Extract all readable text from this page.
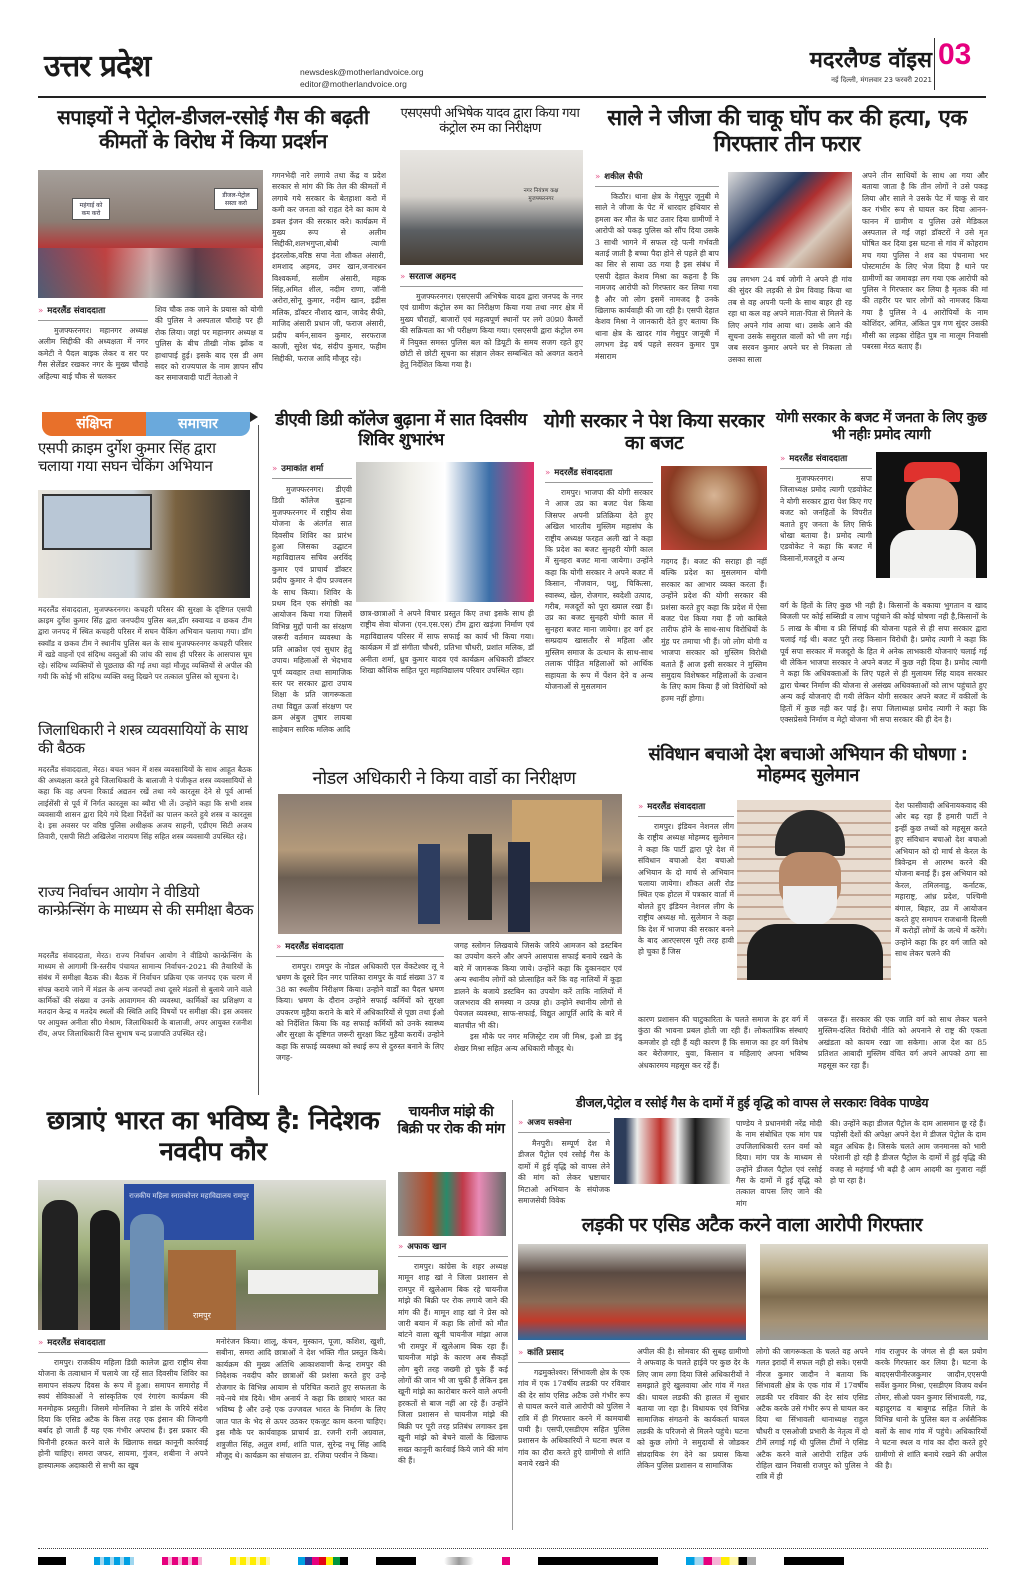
उत्तर प्रदेश	newsdesk@motherlandvoice.org
editor@motherlandvoice.org
मदरलैण्ड वॉइस 03
नई दिल्ली, मंगलवार 23 फरवरी 2021
सपाइयों ने पेट्रोल-डीजल-रसोई गैस की बढ़ती कीमतों के विरोध में किया प्रदर्शन
महंगाई को कम करो
डीजल-पेट्रोल सस्ता करो
» मदरलैंड संवाददाता
मुजफ्फरनगर। महानगर अध्यक्ष अलीम सिद्दीकी की अध्यक्षता में नगर कमेटी ने पैदल बाइक लेकर व सर पर गैस सेलेंडर रखकर नगर के मुख्य चौराहे अहिल्या बाई चौक से चलकर
शिव चौक तक जाने के प्रयास को योगी की पुलिस ने अस्पताल चौराहे पर ही रोक लिया। जहां पर महानगर अध्यक्ष व पुलिस के बीच तीखी नोक झोंक व हाथापाई हुई। इसके बाद एस डी अम सदर को राज्यपाल के नाम ज्ञापन सौंप कर समाजवादी पार्टी नेताओ ने
गगनभेदी नारे लगाये तथा केंद्र व प्रदेश सरकार से मांग की कि तेल की कीमतों में लगाये गये सरकार के बेतहाशा करो में कमी कर जनता को राहत देने का काम ये डबल इंजन की सरकार करे। कार्यक्रम में मुख्य रूप से अलीम सिद्दीकी,शलभगुप्ता,बोबी त्यागी इंदरलोक,वरिष्ठ सपा नेता शौकत अंसारी, शमशाद अहमद, उमर खान,जनारधन विश्वकर्मा, सलीम अंसारी, महक सिंह,अमित शील, नदीम राणा, जॉनी अरोरा,सोनू कुमार, नदीम खान, इद्रीस मलिक, डॉक्टर नौशाद खान, जावेद सैफी, माजिद अंसारी प्रधान जी, फराज अंसारी, प्रदीप बर्मन,सावन कुमार, सरफराज काजी, सुरेश चंद, संदीप कुमार, फहीम सिद्दीकी, फराज आदि मौजूद रहे।
एसएसपी अभिषेक यादव द्वारा किया गया कंट्रोल रुम का निरीक्षण
नगर नियंत्रण कक्ष मुजफ्फरनगर
» सरताज अहमद
मुजफ्फरनगर। एसएसपी अभिषेक यादव द्वारा जनपद के नगर एवं ग्रामीण कंट्रोल रुम का निरीक्षण किया गया तथा नगर क्षेत्र में मुख्य चौराहों, बाजारों एवं महत्वपूर्ण स्थानों पर लगे उ0प्र0 कैमरों की सक्रियता का भी परीक्षण किया गया। एसएसपी द्वारा कंट्रोल रुम में नियुक्त समस्त पुलिस बल को डियूटी के समय सजग रहते हुए छोटी से छोटी सूचना का संज्ञान लेकर सम्बन्धित को अवगत कराने हेतु निर्देशित किया गया है।
साले ने जीजा की चाकू घोंप कर की हत्या, एक गिरफ्तार तीन फरार
» शकील सैफी
किठौर। थाना क्षेत्र के गेसुपुर जूनुबी मे साले ने जीजा के पेट में धारदार हथियार से हमला कर मौत के घाट उतार दिया ग्रामीणों ने आरोपी को पकड़ पुलिस को सौंप दिया उसके 3 साथी भागने में सफल रहे पत्नी गर्भवती बताई जाती है बच्चा पैदा होने से पहले ही बाप का सिर से साया उठ गया है इस संबंध में एसपी देहात केशव मिश्रा का कहना है कि नामजद आरोपी को गिरफ्तार कर लिया गया है और जो लोग इसमें नामजद है उनके खिलाफ कार्यवाही की जा रही है। एसपी देहात केशव मिश्रा ने जानकारी देते हुए बताया कि थाना क्षेत्र के खादर गांव गेसुपुर जानूबी में लगभग डेढ़ वर्ष पहले सरवन कुमार पुत्र मंसाराम
उम्र लगभग 24 वर्ष जोगी ने अपने ही गांव की सुंदर की लड़की से प्रेम विवाह किया था तब से वह अपनी पत्नी के साथ बाहर ही रह रहा था कल वह अपने माता-पिता से मिलने के लिए अपने गांव आया था। उसके आने की सूचना उसके ससुराल वालों को भी लग गई। जब सरवन कुमार अपने घर से निकला तो उसका साला
अपने तीन साथियों के साथ आ गया और बताया जाता है कि तीन लोगों ने उसे पकड़ लिया और साले ने उसके पेट में चाकू से वार कर गंभीर रूप से घायल कर दिया आनन-फानन में ग्रामीण व पुलिस उसे मेडिकल अस्पताल ले गई जहां डॉक्टरों ने उसे मृत घोषित कर दिया इस घटना से गांव में कोहराम मच गया पुलिस ने शव का पंचनामा भर पोस्टमार्टम के लिए भेज दिया है थाने पर ग्रामीणों का जमावड़ा लग गया एक आरोपी को पुलिस ने गिरफ्तार कर लिया है मृतक की मां की तहरीर पर चार लोगों को नामजद किया गया है पुलिस ने 4 आरोपियों के नाम कोशिंदर, अमित, अंकित पुत्र गण सुंदर उसकी मौसी का लड़का रोहित पुत्र ना मालूम निवासी पबरसा मेरठ बताए हैं।
संक्षिप्त	समाचार
एसपी क्राइम दुर्गेश कुमार सिंह द्वारा चलाया गया सघन चेकिंग अभियान
मदरलैंड संवाददाता, मुजफ्फरनगर। कचहरी परिसर की सुरक्षा के दृष्टिगत एसपी क्राइम दुर्गेश कुमार सिंह द्वारा जनपदीय पुलिस बल,डॉग स्क्वायड व छकव टीम द्वारा जनपद में स्थित कचहरी परिसर में सघन चैकिंग अभियान चलाया गया। डॉग स्क्वॉड व छकव टीम ने स्थानीय पुलिस बल के साथ मुजफ्फरनगर कचहरी परिसर में खडे वाहनों एवं संदिग्ध वस्तुओं की जांच की साथ ही परिसर के आसपास घूम रहे। संदिग्ध व्यक्तियों से पूछताछ की गई तथा वहां मौजूद व्यक्तियों से अपील की गयी कि कोई भी संदिग्ध व्यक्ति वस्तु दिखने पर तत्काल पुलिस को सूचना दे।
जिलाधिकारी ने शस्त्र व्यवसायियों के साथ की बैठक
मदरलैंड संवाददाता, मेरठ। बचत भवन में शस्त्र व्यवसायियों के साथ आहूत बैठक की अध्यक्षता करते हुये जिलाधिकारी के बालाजी ने पंजीकृत शस्त्र व्यवसायियों से कहा कि वह अपना रिकार्ड अद्यतन रखें तथा नये कारतूस देने से पूर्व आर्म्स लाईसेंसी से पूर्व में निर्गत कारतूस का ब्यौरा भी लें। उन्होने कहा कि सभी शस्त्र व्यवसायी शासन द्वारा दिये गये दिशा निर्देशों का पालन करते हुये शस्त्र व कारतूस दे। इस अवसर पर वरिष्ठ पुलिस अधीक्षक अजय साहनी, एडीएम सिटी अजय तिवारी, एसपी सिटी अखिलेश नारायण सिंह सहित शस्त्र व्यवसायी उपस्थित रहे।
राज्य निर्वाचन आयोग ने वीडियो कान्फ्रेन्सिंग के माध्यम से की समीक्षा बैठक
मदरलैंड संवाददाता, मेरठ। राज्य निर्वाचन आयोग ने वीडियो कान्फ्रेन्सिंग के माध्यम से आगामी त्रि-स्तरीय पंचायत सामान्य निर्वाचन-2021 की तैयारियों के संबंध में समीक्षा बैठक की। बैठक में निर्वाचन प्रक्रिया एक जनपद एक चरण में संपन्न कराये जाने में मंडल के अन्य जनपदों तथा दूसरे मंडलों से बुलाये जाने वाले कार्मिकों की संख्या व उनके आवागमन की व्यवस्था, कार्मिकों का प्रशिक्षण व मतदान केन्द्र व मतदेय स्थलों की स्थिति आदि विषयों पर समीक्षा की। इस अवसर पर आयुक्त अनीता सी0 मेश्राम, जिलाधिकारी के बालाजी, अपर आयुक्त रजनीश रॉय, अपर जिलाधिकारी वित्त सुभाष चन्द प्रजापति उपस्थित रहे।
डीएवी डिग्री कॉलेज बुढ़ाना में सात दिवसीय शिविर शुभारंभ
» उमाकांत शर्मा
मुजफ्फरनगर। डीएवी डिग्री कॉलेज बुढ़ाना मुजफ्फरनगर में राष्ट्रीय सेवा योजना के अंतर्गत सात दिवसीय शिविर का प्रारंभ हुआ जिसका उद्घाटन महाविद्यालय सचिव अरविंद कुमार एवं प्राचार्य डॉक्टर प्रदीप कुमार ने दीप प्रज्वलन के साथ किया। शिविर के प्रथम दिन एक संगोष्ठी का आयोजन किया गया जिसमें विभिन्न मुद्दों पानी का संरक्षण जरूरी वर्तमान व्यवस्था के प्रति आक्रोश एवं सुधार हेतु उपाय। महिलाओं से भेदभाव पूर्ण व्यवहार तथा सामाजिक स्तर पर सरकार द्वारा उपाय शिक्षा के प्रति जागरूकता तथा विद्युत ऊर्जा संरक्षण पर क्रम अंबुज तुषार लायबा साहेबान सारिक मलिक आदि
छात्र-छात्राओं ने अपने विचार प्रस्तुत किए तथा इसके साथ ही राष्ट्रीय सेवा योजना (एन.एस.एस) टीम द्वारा खड़ंजा निर्माण एवं महाविद्यालय परिसर में साफ सफाई का कार्य भी किया गया। कार्यक्रम में डॉ संगीता चौधरी, प्रतिभा चौधरी, प्रशांत मलिक, डॉ अनीता शर्मा, ध्रुव कुमार यादव एवं कार्यक्रम अधिकारी डॉक्टर शिखा कौशिक सहित पूरा महाविद्यालय परिवार उपस्थित रहा।
योगी सरकार ने पेश किया सरकार का बजट
» मदरलैंड संवाददाता
रामपुर। भाजपा की योगी सरकार ने आज उप्र का बजट पेश किया जिसपर अपनी प्रतिक्रिया देते हुए अखिल भारतीय मुस्लिम महासंघ के राष्ट्रीय अध्यक्ष फरहत अली खां ने कहा कि प्रदेश का बजट सुनहरी योगी काल में सुनहरा बजट माना जायेगा। उन्होंने कहा कि योगी सरकार ने अपने बजट में किसान, नौजवान, पशु, चिकित्सा, स्वास्थ्य, खेल, रोजगार, स्वदेशी उत्पाद, गरीब, मजदूरों को पूरा ख्याल रखा हैं। उप्र का बजट सुनहरी योगी काल में सुनहरा बजट माना जायेगा। हर वर्ग हर सम्प्रदाय खासतौर से महिला और मुस्लिम समाज के उत्थान के साथ-साथ तलाक पीड़ित महिलाओं को आर्थिक सहायता के रूप में पेंशन देने व अन्य योजनाओं से मुसलमान
गदगद हैं। बजट की सराहा ही नहीं बल्कि प्रदेश का मुसलमान योगी सरकार का आभार व्यक्त करता हैं। उन्होंने प्रदेश की योगी सरकार की प्रशंसा करते हुए कहा कि प्रदेश में ऐसा बजट पेश किया गया हैं जो काबिले तारीफ होने के साथ-साथ विरोधियों के मुंह पर तमाचा भी हैं। जो लोग योगी व भाजपा सरकार को मुस्लिम विरोधी बताते हैं आज इसी सरकार ने मुस्लिम समुदाय विशेषकर महिलाओं के उत्थान के लिए काम किया हैं जो विरोधियों को हज्म नहीं होगा।
योगी सरकार के बजट में जनता के लिए कुछ भी नहीः प्रमोद त्यागी
» मदरलैंड संवाददाता
मुजफ्फरनगर। सपा जिलाध्यक्ष प्रमोद त्यागी एडवोकेट ने योगी सरकार द्वारा पेश किए गए बजट को जनहितों के विपरीत बताते हुए जनता के लिए सिर्फ धोखा बताया है। प्रमोद त्यागी एडवोकेट ने कहा कि बजट में किसानों,मजदूरो व अन्य
वर्ग के हितों के लिए कुछ भी नही है। किसानों के बकाया भुगतान व खाद बिजली पर कोई सब्सिडी व लाभ पहुंचाने की कोई घोषणा नही है,किसानों के 5 लाख के बीमा व फ्री सिंचाई की योजना पहले से ही सपा सरकार द्वारा चलाई गई थी। बजट पूरी तरह किसान विरोधी है। प्रमोद त्यागी ने कहा कि पूर्व सपा सरकार में मजदूरो के हित मे अनेक लाभकारी योजनाएं चलाई गई थी लेकिन भाजपा सरकार ने अपने बजट में कुछ नही दिया है। प्रमोद त्यागी ने कहा कि अधिवक्ताओं के लिए पहले से ही मुलायम सिंह यादव सरकार द्वारा चेम्बर निर्माण की योजना से असंख्य अधिवक्ताओं को लाभ पहुंचाते हुए अन्य कई योजनाएं दी गयी लेकिन योगी सरकार अपने बजट में वकीलों के हितों में कुछ नही कर पाई है। सपा जिलाध्यक्ष प्रमोद त्यागी ने कहा कि एक्सप्रेसवे निर्माण व मेट्रो योजना भी सपा सरकार की ही देन है।
नोडल अधिकारी ने किया वार्डो का निरीक्षण
» मदरलैंड संवाददाता
रामपुर। रामपुर के नोडल अधिकारी एल वेंकटेश्वर लू ने भ्रमण के दूसरे दिन नगर पालिका रामपुर के वार्ड संख्या 37 व 38 का स्थलीय निरीक्षण किया। उन्होने वार्डों का पैदल भ्रमण किया। भ्रमण के दौरान उन्होने सफाई कर्मियों को सुरक्षा उपकरण मुहैया कराने के बारे में अधिकारियों से पूछा तथा ईओ को निर्देशित किया कि वह सफाई कर्मियों को उनके स्वास्थ्य और सुरक्षा के दृष्टिगत जरूरी सुरक्षा किट मुहैया करायें। उन्होने कहा कि सफाई व्यवस्था को स्थाई रूप से दुरुस्त बनाने के लिए जगह-
जगह स्लोगन लिखवाये जिसके जरिये आमजन को डस्टबिन का उपयोग करने और अपने आसपास सफाई बनाये रखने के बारे में जागरूक किया जाये। उन्होंने कहा कि दुकानदार एवं अन्य स्थानीय लोगों को प्रोत्साहित करें कि वह नालियों में कूड़ा डालने के बजाये डस्टबिन का उपयोग करें ताकि नालियों में जलभराव की समस्या न उत्पन्न हो। उन्होने स्थानीय लोगों से पेयजल व्यवस्था, साफ-सफाई, विद्युत आपूर्ति आदि के बारे में बातचीत भी की।
इस मौके पर नगर मजिस्ट्रेट राम जी मिश्र, इओ डा इंदु शेखर मिश्रा सहित अन्य अधिकारी मौजूद थे।
संविधान बचाओ देश बचाओ अभियान की घोषणा : मोहम्मद सुलेमान
» मदरलैंड संवाददाता
रामपुर। इंडियन नेशनल लीग के राष्ट्रीय अध्यक्ष मोहम्मद सुलेमान ने कहा कि पार्टी द्वारा पूरे देश में संविधान बचाओ देश बचाओ अभियान के दो मार्च से अभियान चलाया जायेगा। शौकत अली रोड स्थित एक होटल में पत्रकार वार्ता में बोलते हुए इंडियन नेशनल लीग के राष्ट्रीय अध्यक्ष मो. सुलेमान ने कहा कि देश में भाजपा की सरकार बनने के बाद आरएसएस पूरी तरह हावी हो चुका हैं जिस
देश फासीवादी अधिनायकवाद की ओर बढ़ रहा हैं हमारी पार्टी ने इन्हीं कुछ तथ्यों को महसूस करते हुए संविधान बचाओ देश बचाओ अभियान को दो मार्च से केरल के त्रिवेन्द्रम से आरम्भ करने की योजना बनाई हैं। इस अभियान को केरल, तमिलनाडु, कर्नाटक, महाराष्ट्र, आंध्र प्रदेश, पश्चिमी बंगाल, बिहार, उप्र में आयोजन करते हुए समापन राजधानी दिल्ली में करोड़ों लोगों के जत्थे में करेंगे। उन्होने कहा कि हर वर्ग जाति को साथ लेकर चलने की
कारण प्रशासन की चाटुकारिता के चलते समाज के हर वर्ग में कुंठा की भावना प्रबल होती जा रही हैं। लोकतांत्रिक संस्थाएं कमजोर हो रही हैं यही कारण हैं कि समाज का हर वर्ग विशेष कर बेरोजगार, युवा, किसान व महिलाएं अपना भविष्य अंधकारमय महसूस कर रहें हैं।
जरूरत हैं। सरकार की एक जाति वर्ग को साथ लेकर चलने मुस्लिम-दलित विरोधी नीति को अपनाने से राष्ट्र की एकता अखंडता को कायम रखा जा सकेगा। आज देश का 85 प्रतिशत आबादी मुस्लिम वंचित वर्ग अपने आपको ठगा सा महसूस कर रहा हैं।
छात्राएं भारत का भविष्य है: निदेशक नवदीप कौर
राजकीय महिला स्नातकोत्तर महाविद्यालय रामपुर
रामपुर
» मदरलैंड संवाददाता
रामपुर। राजकीय महिला डिग्री कालेज द्वारा राष्ट्रीय सेवा योजना के तत्वाधान में चलाये जा रहें सात दिवसीय शिविर का समापन संकल्प दिवस के रूप में हुआ। समापन समारोह में स्वयं सेविकाओं ने सांस्कृतिक एवं रंगारंग कार्यक्रम की मनमोहक प्रस्तुती। जिसमे मोनलिका ने डांस के जरिये संदेश दिया कि एसिड अटैक के किस तरह एक इंसान की जिन्दगी बर्बाद हो जाती हैं यह एक गंभीर अपराध हैं। इस प्रकार की घिनौनी हरकत करने वाले के खिलाफ सख्त कानूनी कार्रवाई होनी चाहिए। समरा जफर, सायमा, गुंजन, शबीना ने अपने हास्यात्मक अदाकारी से सभी का खूब
मनोरंजन किया। शालू, कंचन, मुस्कान, पूजा, कशिश, खुशी, सबीना, समरा आदि छात्राओं ने देश भक्ति गीत प्रस्तुत किये। कार्यक्रम की मुख्य अतिथि आकाशवाणी केन्द्र रामपुर की निदेशक नवदीप कौर छात्राओं की प्रशंसा करते हुए उन्हे रोजगार के विभिन्न आयाम से परिचित कराते हुए सफलता के नये-नये मंत्र दिये। भीम अनार्य ने कहा कि छात्राएं भारत का भविष्य है और उन्हे एक उज्जवल भारत के निर्माण के लिए जात पात के भेद से ऊपर उठकर एकजुट काम करना चाहिए। इस मौके पर कार्यवाहक प्राचार्य डा. रजनी रानी अग्रवाल, शत्रुजीत सिंह, अतुल शर्मा, शांति पाल, सुरेन्द्र नथू सिंह आदि मौजूद थे। कार्यक्रम का संचालन डा. रजिया परवीन ने किया।
चायनीज मांझे की बिक्री पर रोक की मांग
» अफाक खान
रामपुर। कांग्रेस के शहर अध्यक्ष मामून शाह खां ने जिला प्रशासन से रामपुर में खुलेआम बिक रहे चायनीज मांझे की बिक्री पर रोक लगाये जाने की मांग की हैं। मामून शाह खां ने प्रेस को जारी बयान में कहा कि लोगों को मौत बांटने वाला खूनी चायनीज मांझा आज भी रामपुर में खुलेआम बिक रहा हैं। चायनीज मांझे के कारण अब सैकड़ों लोग बुरी तरह जख्मी हो चुके हैं कई लोगों की जान भी जा चुकी हैं लेकिन इस खूनी मांझे का कारोबार करने वाले अपनी हरकतों से बाज नहीं आ रहे हैं। उन्होंने जिला प्रशासन से चायनीज मांझे की बिक्री पर पूरी तरह प्रतिबंध लगाकर इस खूनी मांझे को बेचने वालों के खिलाफ सख्त कानूनी कार्रवाई किये जाने की मांग की हैं।
डीजल,पेट्रोल व रसोई गैस के दामों में हुई वृद्धि को वापस ले सरकारः विवेक पाण्डेय
» अजय सक्सेना
मैनपुरी। सम्पूर्ण देश मे डीजल पैट्रोल एवं रसोई गैस के दामों में हुई वृद्धि को वापस लेने की मांग को लेकर भ्रष्टाचार मिटाओ अभियान के संयोजक समाजसेवी विवेक
पाण्डेय ने प्रधानमंत्री नरेंद्र मोदी के नाम संबोधित एक मांग पत्र उपजिलाधिकारी रतन वर्मा को दिया। मांग पत्र के माध्यम से उन्होंने डीजल पैट्रोल एवं रसोई गैस के दामों में हुई वृद्धि को तत्काल वापस लिए जाने की मांग
की। उन्होंने कहा डीजल पैट्रोल के दाम आसमान छू रहे हैं। पड़ोसी देशों की अपेक्षा अपने देश मे डीजल पेट्रोल के दाम बहुत अधिक है। जिसके चलते आम जनमानस को भारी परेशानी हो रही है डीजल पैट्रोल के दामों में हुई वृद्धि की वजह से महंगाई भी बढ़ी है आम आदमी का गुजारा नहीं हो पा रहा है।
लड़की पर एसिड अटैक करने वाला आरोपी गिरफ्तार
» कांति प्रसाद
गढमुक्तेश्वर। सिंभावली क्षेत्र के एक गांव में एक 17वर्षीय लडकी पर रविवार की देर सांय एसिड अटैक उसे गंभीर रूप से घायल करने वाले आरोपी को पुलिस ने रात्रि में ही गिरफ्तार करने में कामयाबी पायी है। एसपी,एसडीएम सहित पुलिस प्रशासन के अधिकारियों ने घटना स्थल व गांव का दौरा करते हुऐ ग्रामीणो से शांति बनाये रखने की
अपील की है। सोमवार की सुबह ग्रामीणो ने अफवाह के चलते हाईवे पर कुछ देर के लिए जाम लगा दिया जिसे अधिकारीयों ने समझाते हुऐ खुलवाया ओर गांव में गश्त की। घायल लडकी की हालत में सुधार बताया जा रहा है। विधायक एवं विभिन्न सामाजिक संगठनो के कार्यकर्ता घायल लडकी के परिजनो से मिलने पहुंचे। घटना को कुछ लोगो ने समुदायों से जोडकर संप्रदायिक रंग देने का प्रयास किया लेकिन पुलिस प्रशासन व सामाजिक
लोगो की जागरूकता के चलते वह अपने गलत इरादों में सफल नही हो सके। एसपी नीरज कुमार जादौन ने बताया कि सिंभावली क्षेत्र के एक गांव में 17वर्षीय लडकी पर रविवार की देर सांय एसिड अटैक करके उसे गंभीर रूप से घायल कर दिया था सिंभावली थानाध्यक्ष राहुल चौधरी व एसओजी प्रभारी के नेतृत्व में दो टीमें लगाई गई थी पुलिस टीमों ने एसिड अटैक करने वाले आरोपी राहिल उर्फ रोहिल खान निवासी राजपुर को पुलिस ने रात्रि में ही
गांव राजुपर के जंगल से ही बल प्रयोग करके गिरफ्तार कर लिया है। घटना के बादएसपीनीरजकुमार जादौन,एएसपी सर्वेश कुमार मिश्रा, एसडीएम विजय वर्धन तोमर, सीओ पवन कुमार सिंभावली, गढ, बहादुरगढ व बाबूगढ सहित जिले के विभिन्न थानो के पुलिस बल व अर्धसैनिक बलों के साथ गांव में पहुंचे। अधिकारियों ने घटना स्थल व गांव का दौरा करते हुऐ ग्रामीणो से शांति बनाये रखने की अपील की है।
